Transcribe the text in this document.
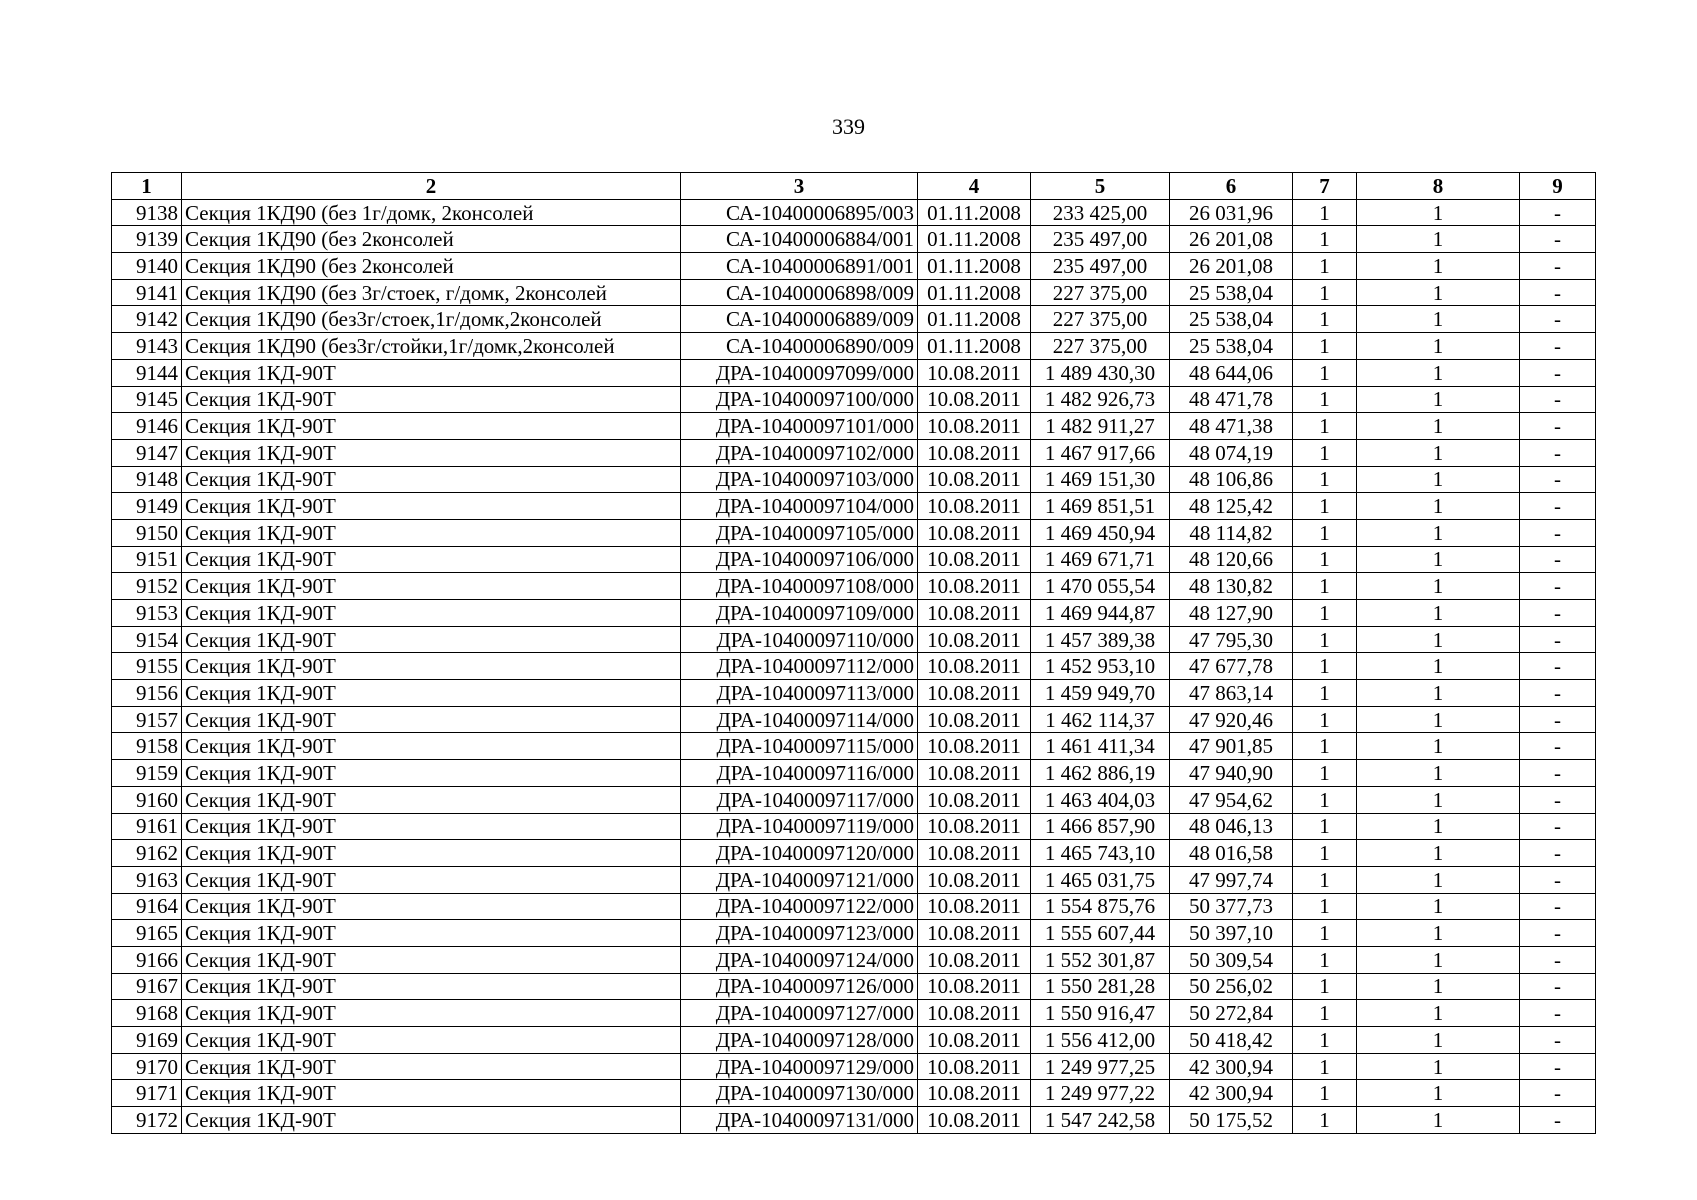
339
1	2	3	4	5	6	7	8	9
9138	Секция 1КД90 (без 1г/домк, 2консолей	СА-10400006895/003	01.11.2008	233 425,00	26 031,96	1	1	-
9139	Секция 1КД90 (без 2консолей	СА-10400006884/001	01.11.2008	235 497,00	26 201,08	1	1	-
9140	Секция 1КД90 (без 2консолей	СА-10400006891/001	01.11.2008	235 497,00	26 201,08	1	1	-
9141	Секция 1КД90 (без 3г/стоек, г/домк, 2консолей	СА-10400006898/009	01.11.2008	227 375,00	25 538,04	1	1	-
9142	Секция 1КД90 (без3г/стоек,1г/домк,2консолей	СА-10400006889/009	01.11.2008	227 375,00	25 538,04	1	1	-
9143	Секция 1КД90 (без3г/стойки,1г/домк,2консолей	СА-10400006890/009	01.11.2008	227 375,00	25 538,04	1	1	-
9144	Секция 1КД-90Т	ДРА-10400097099/000	10.08.2011	1 489 430,30	48 644,06	1	1	-
9145	Секция 1КД-90Т	ДРА-10400097100/000	10.08.2011	1 482 926,73	48 471,78	1	1	-
9146	Секция 1КД-90Т	ДРА-10400097101/000	10.08.2011	1 482 911,27	48 471,38	1	1	-
9147	Секция 1КД-90Т	ДРА-10400097102/000	10.08.2011	1 467 917,66	48 074,19	1	1	-
9148	Секция 1КД-90Т	ДРА-10400097103/000	10.08.2011	1 469 151,30	48 106,86	1	1	-
9149	Секция 1КД-90Т	ДРА-10400097104/000	10.08.2011	1 469 851,51	48 125,42	1	1	-
9150	Секция 1КД-90Т	ДРА-10400097105/000	10.08.2011	1 469 450,94	48 114,82	1	1	-
9151	Секция 1КД-90Т	ДРА-10400097106/000	10.08.2011	1 469 671,71	48 120,66	1	1	-
9152	Секция 1КД-90Т	ДРА-10400097108/000	10.08.2011	1 470 055,54	48 130,82	1	1	-
9153	Секция 1КД-90Т	ДРА-10400097109/000	10.08.2011	1 469 944,87	48 127,90	1	1	-
9154	Секция 1КД-90Т	ДРА-10400097110/000	10.08.2011	1 457 389,38	47 795,30	1	1	-
9155	Секция 1КД-90Т	ДРА-10400097112/000	10.08.2011	1 452 953,10	47 677,78	1	1	-
9156	Секция 1КД-90Т	ДРА-10400097113/000	10.08.2011	1 459 949,70	47 863,14	1	1	-
9157	Секция 1КД-90Т	ДРА-10400097114/000	10.08.2011	1 462 114,37	47 920,46	1	1	-
9158	Секция 1КД-90Т	ДРА-10400097115/000	10.08.2011	1 461 411,34	47 901,85	1	1	-
9159	Секция 1КД-90Т	ДРА-10400097116/000	10.08.2011	1 462 886,19	47 940,90	1	1	-
9160	Секция 1КД-90Т	ДРА-10400097117/000	10.08.2011	1 463 404,03	47 954,62	1	1	-
9161	Секция 1КД-90Т	ДРА-10400097119/000	10.08.2011	1 466 857,90	48 046,13	1	1	-
9162	Секция 1КД-90Т	ДРА-10400097120/000	10.08.2011	1 465 743,10	48 016,58	1	1	-
9163	Секция 1КД-90Т	ДРА-10400097121/000	10.08.2011	1 465 031,75	47 997,74	1	1	-
9164	Секция 1КД-90Т	ДРА-10400097122/000	10.08.2011	1 554 875,76	50 377,73	1	1	-
9165	Секция 1КД-90Т	ДРА-10400097123/000	10.08.2011	1 555 607,44	50 397,10	1	1	-
9166	Секция 1КД-90Т	ДРА-10400097124/000	10.08.2011	1 552 301,87	50 309,54	1	1	-
9167	Секция 1КД-90Т	ДРА-10400097126/000	10.08.2011	1 550 281,28	50 256,02	1	1	-
9168	Секция 1КД-90Т	ДРА-10400097127/000	10.08.2011	1 550 916,47	50 272,84	1	1	-
9169	Секция 1КД-90Т	ДРА-10400097128/000	10.08.2011	1 556 412,00	50 418,42	1	1	-
9170	Секция 1КД-90Т	ДРА-10400097129/000	10.08.2011	1 249 977,25	42 300,94	1	1	-
9171	Секция 1КД-90Т	ДРА-10400097130/000	10.08.2011	1 249 977,22	42 300,94	1	1	-
9172	Секция 1КД-90Т	ДРА-10400097131/000	10.08.2011	1 547 242,58	50 175,52	1	1	-
